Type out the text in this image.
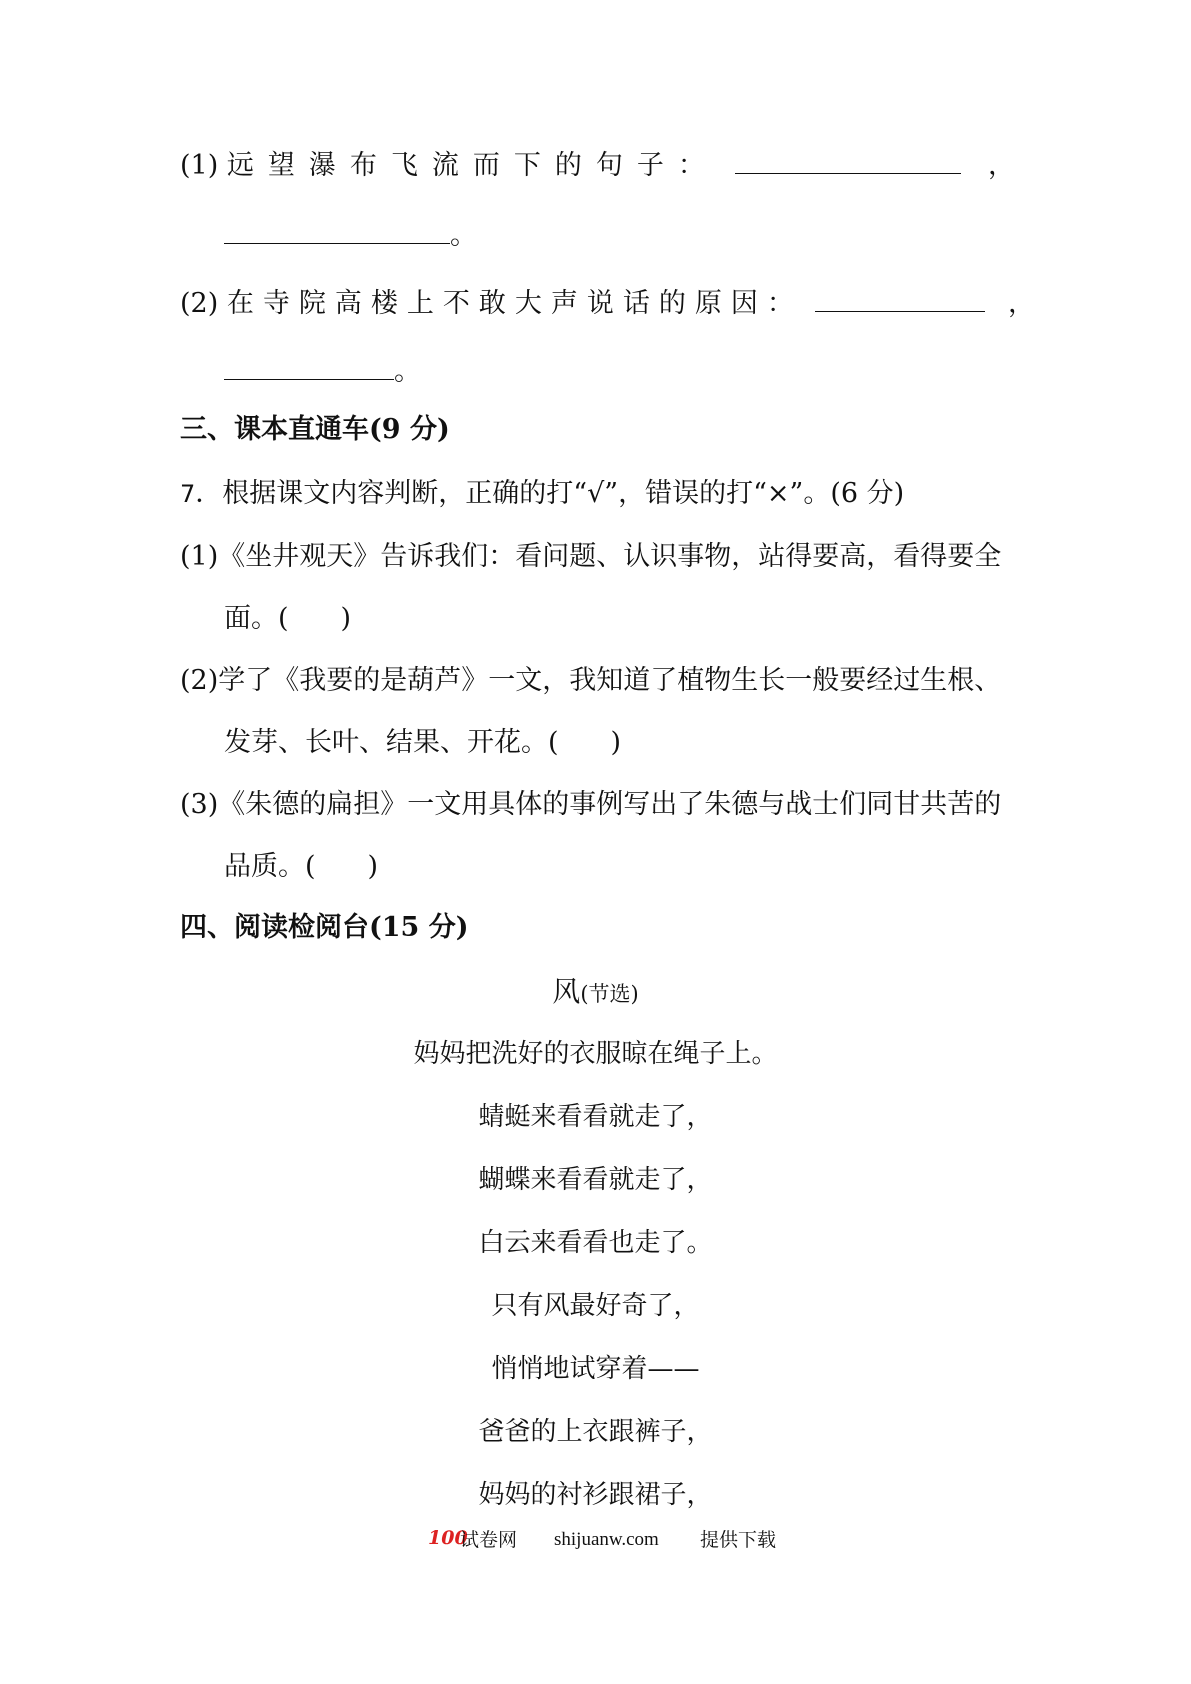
(1) 远望瀑布飞流而下的句子：	，
。
(2) 在寺院高楼上不敢大声说话的原因：	，
。
三、课本直通车(9 分)
7．根据课文内容判断，正确的打“√”，错误的打“×”。(6 分)
(1)《坐井观天》告诉我们：看问题、认识事物，站得要高，看得要全
面。( )
(2)学了《我要的是葫芦》一文，我知道了植物生长一般要经过生根、
发芽、长叶、结果、开花。( )
(3)《朱德的扁担》一文用具体的事例写出了朱德与战士们同甘共苦的
品质。( )
四、阅读检阅台(15 分)
风(节选)
妈妈把洗好的衣服晾在绳子上。
蜻蜓来看看就走了，
蝴蝶来看看就走了，
白云来看看也走了。
只有风最好奇了，
悄悄地试穿着——
爸爸的上衣跟裤子，
妈妈的衬衫跟裙子，
100
试卷网 shijuanw.com 提供下载
